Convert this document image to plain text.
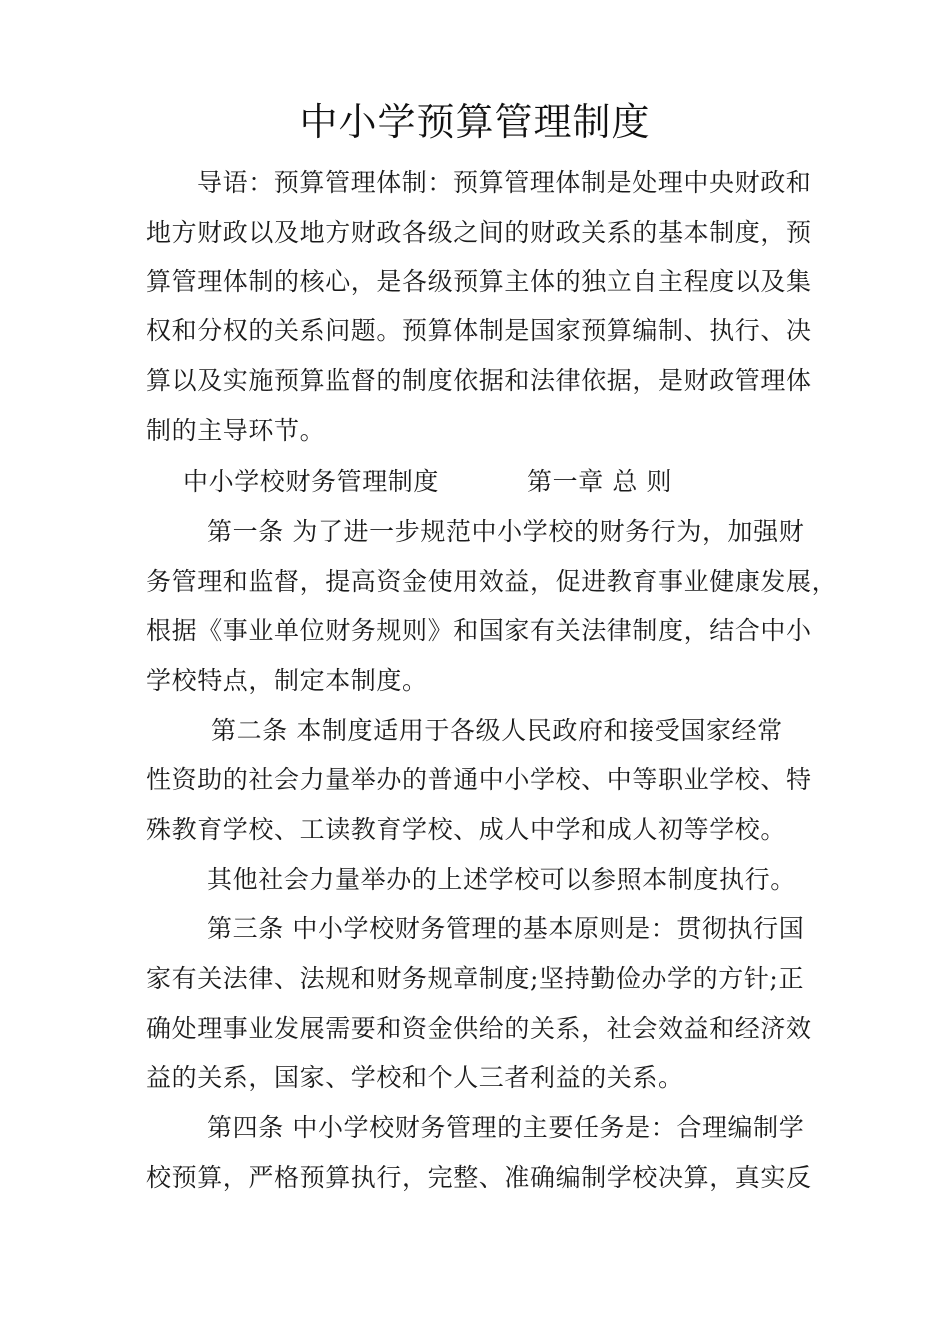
中小学预算管理制度
导语：预算管理体制：预算管理体制是处理中央财政和
地方财政以及地方财政各级之间的财政关系的基本制度，预
算管理体制的核心，是各级预算主体的独立自主程度以及集
权和分权的关系问题。预算体制是国家预算编制、执行、决
算以及实施预算监督的制度依据和法律依据，是财政管理体
制的主导环节。
中小学校财务管理制度	第一章 总 则
第一条 为了进一步规范中小学校的财务行为，加强财
务管理和监督，提高资金使用效益，促进教育事业健康发展，
根据《事业单位财务规则》和国家有关法律制度，结合中小
学校特点，制定本制度。
第二条 本制度适用于各级人民政府和接受国家经常
性资助的社会力量举办的普通中小学校、中等职业学校、特
殊教育学校、工读教育学校、成人中学和成人初等学校。
其他社会力量举办的上述学校可以参照本制度执行。
第三条 中小学校财务管理的基本原则是：贯彻执行国
家有关法律、法规和财务规章制度;坚持勤俭办学的方针;正
确处理事业发展需要和资金供给的关系，社会效益和经济效
益的关系，国家、学校和个人三者利益的关系。
第四条 中小学校财务管理的主要任务是：合理编制学
校预算，严格预算执行，完整、准确编制学校决算，真实反
